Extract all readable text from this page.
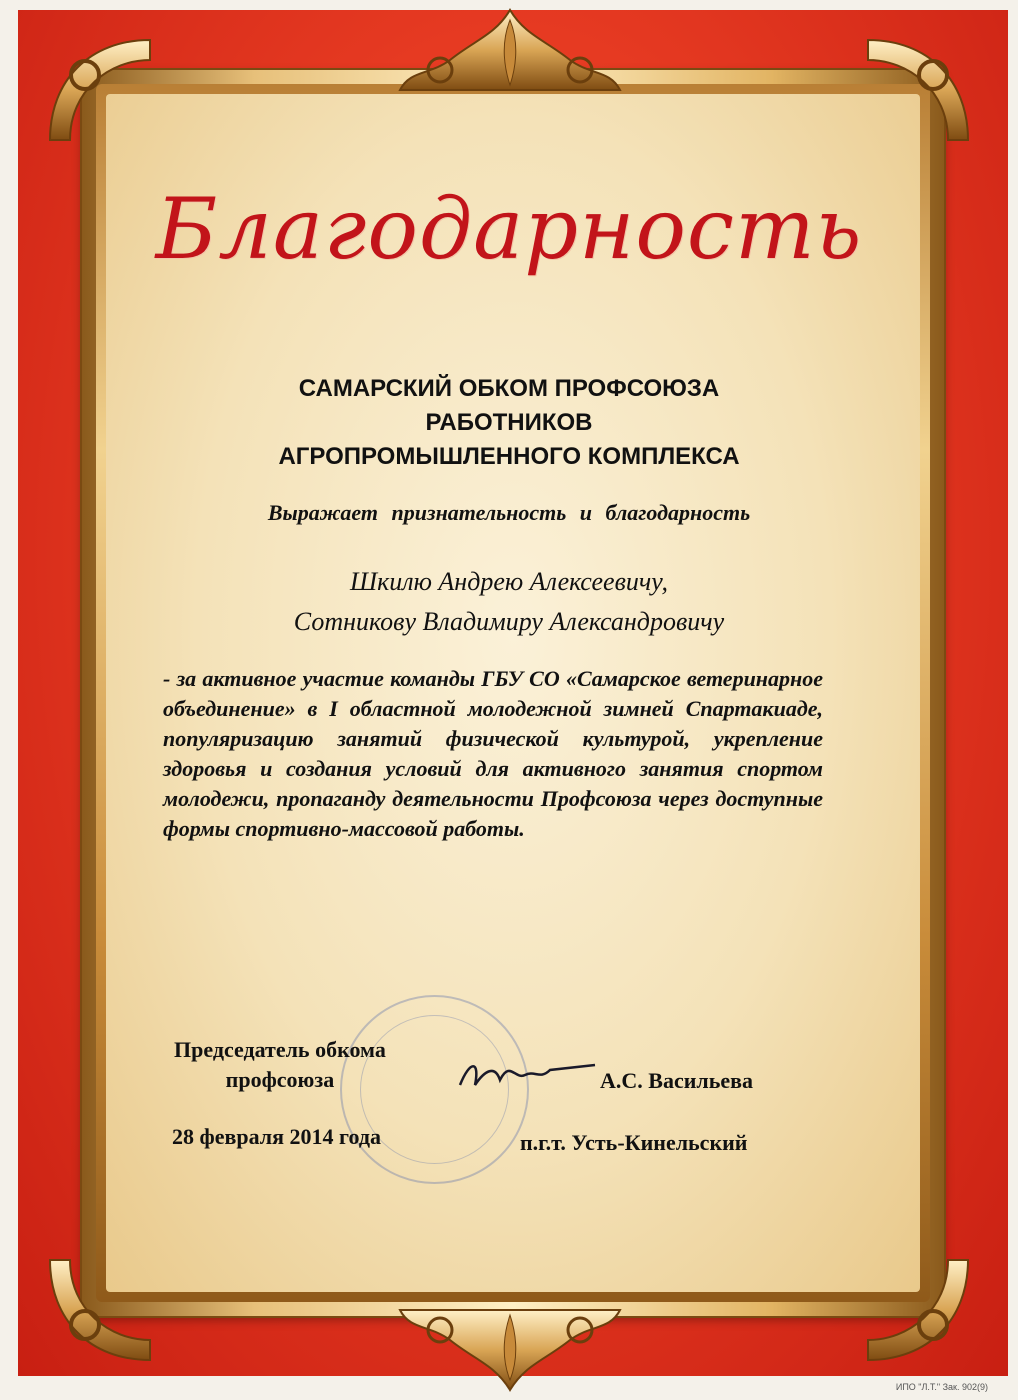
Благодарность
САМАРСКИЙ ОБКОМ ПРОФСОЮЗА
РАБОТНИКОВ
АГРОПРОМЫШЛЕННОГО КОМПЛЕКСА
Выражает признательность и благодарность
Шкилю Андрею Алексеевичу,
Сотникову Владимиру Александровичу

- за активное участие команды ГБУ СО «Самарское ветеринарное объединение» в I областной молодежной зимней Спартакиаде, популяризацию занятий физической культурой, укрепление здоровья и создания условий для активного занятия спортом молодежи, пропаганду деятельности Профсоюза через доступные формы спортивно-массовой работы.

Председатель обкома
профсоюза	А.С. Васильева
28 февраля 2014 года	п.г.т. Усть-Кинельский
ИПО "Л.Т." Зак. 902(9)
